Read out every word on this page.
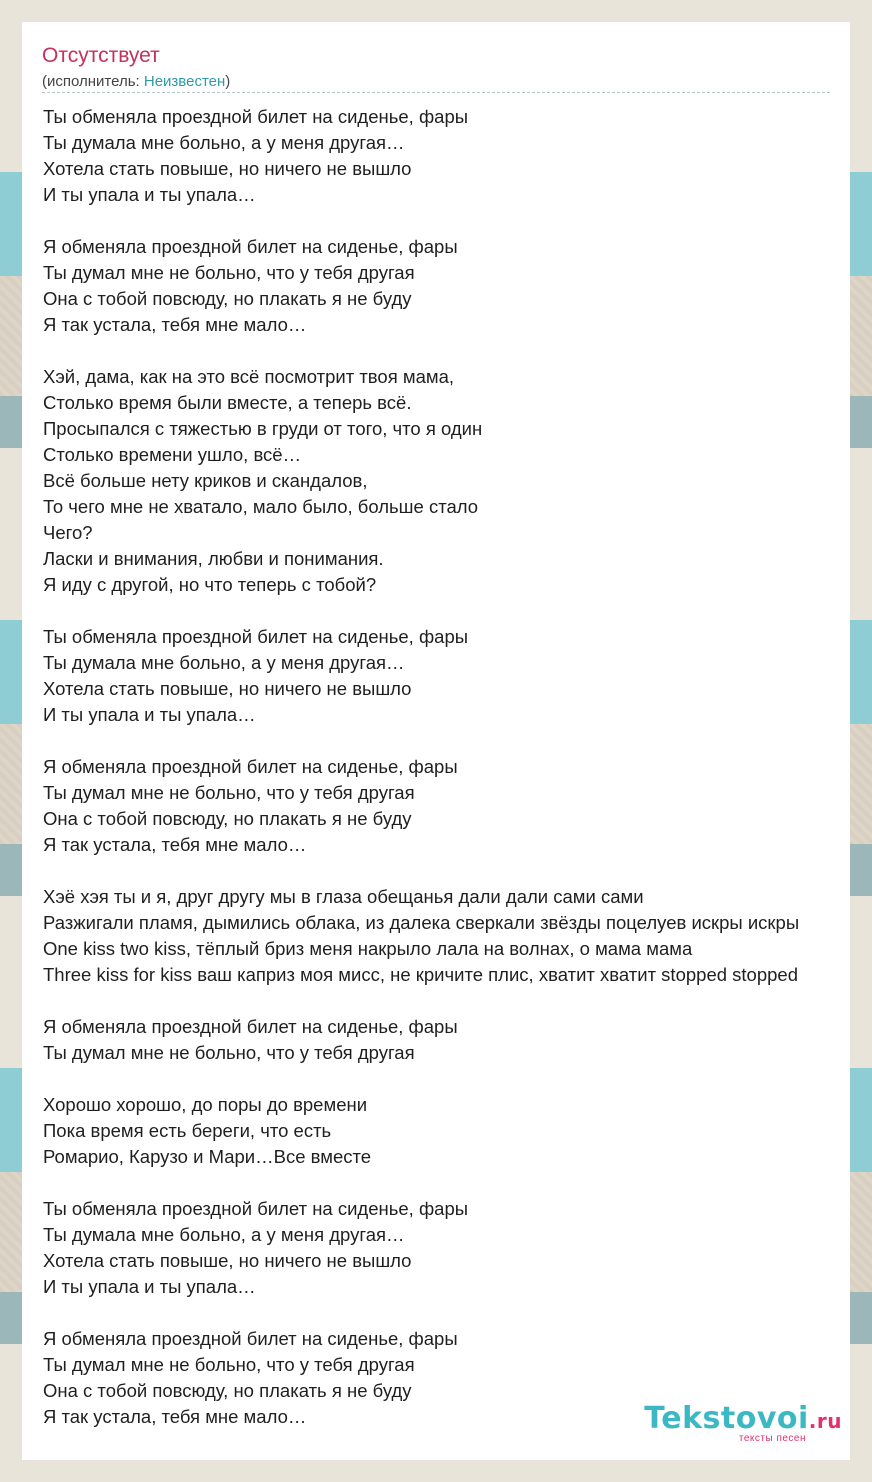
Отсутствует
(исполнитель: Неизвестен)
Ты обменяла проездной билет на сиденье, фары
Ты думала мне больно, а у меня другая…
Хотела стать повыше, но ничего не вышло
И ты упала и ты упала…

Я обменяла проездной билет на сиденье, фары
Ты думал мне не больно, что у тебя другая
Она с тобой повсюду, но плакать я не буду
Я так устала, тебя мне мало…

Хэй, дама, как на это всё посмотрит твоя мама,
Столько время были вместе, а теперь всё.
Просыпался с тяжестью в груди от того, что я один
Столько времени ушло, всё…
Всё больше нету криков и скандалов,
То чего мне не хватало, мало было, больше стало
Чего?
Ласки и внимания, любви и понимания.
Я иду с другой, но что теперь с тобой?

Ты обменяла проездной билет на сиденье, фары
Ты думала мне больно, а у меня другая…
Хотела стать повыше, но ничего не вышло
И ты упала и ты упала…

Я обменяла проездной билет на сиденье, фары
Ты думал мне не больно, что у тебя другая
Она с тобой повсюду, но плакать я не буду
Я так устала, тебя мне мало…

Хэё хэя ты и я, друг другу мы в глаза обещанья дали дали сами сами
Разжигали пламя, дымились облака, из далека сверкали звёзды поцелуев искры искры
One kiss two kiss, тёплый бриз меня накрыло лала на волнах, о мама мама
Three kiss for kiss ваш каприз моя мисс, не кричите плис, хватит хватит stopped stopped

Я обменяла проездной билет на сиденье, фары
Ты думал мне не больно, что у тебя другая

Хорошо хорошо, до поры до времени
Пока время есть береги, что есть
Ромарио, Карузо и Мари…Все вместе

Ты обменяла проездной билет на сиденье, фары
Ты думала мне больно, а у меня другая…
Хотела стать повыше, но ничего не вышло
И ты упала и ты упала…

Я обменяла проездной билет на сиденье, фары
Ты думал мне не больно, что у тебя другая
Она с тобой повсюду, но плакать я не буду
Я так устала, тебя мне мало…	Tekstovoi.ru
тексты песен
